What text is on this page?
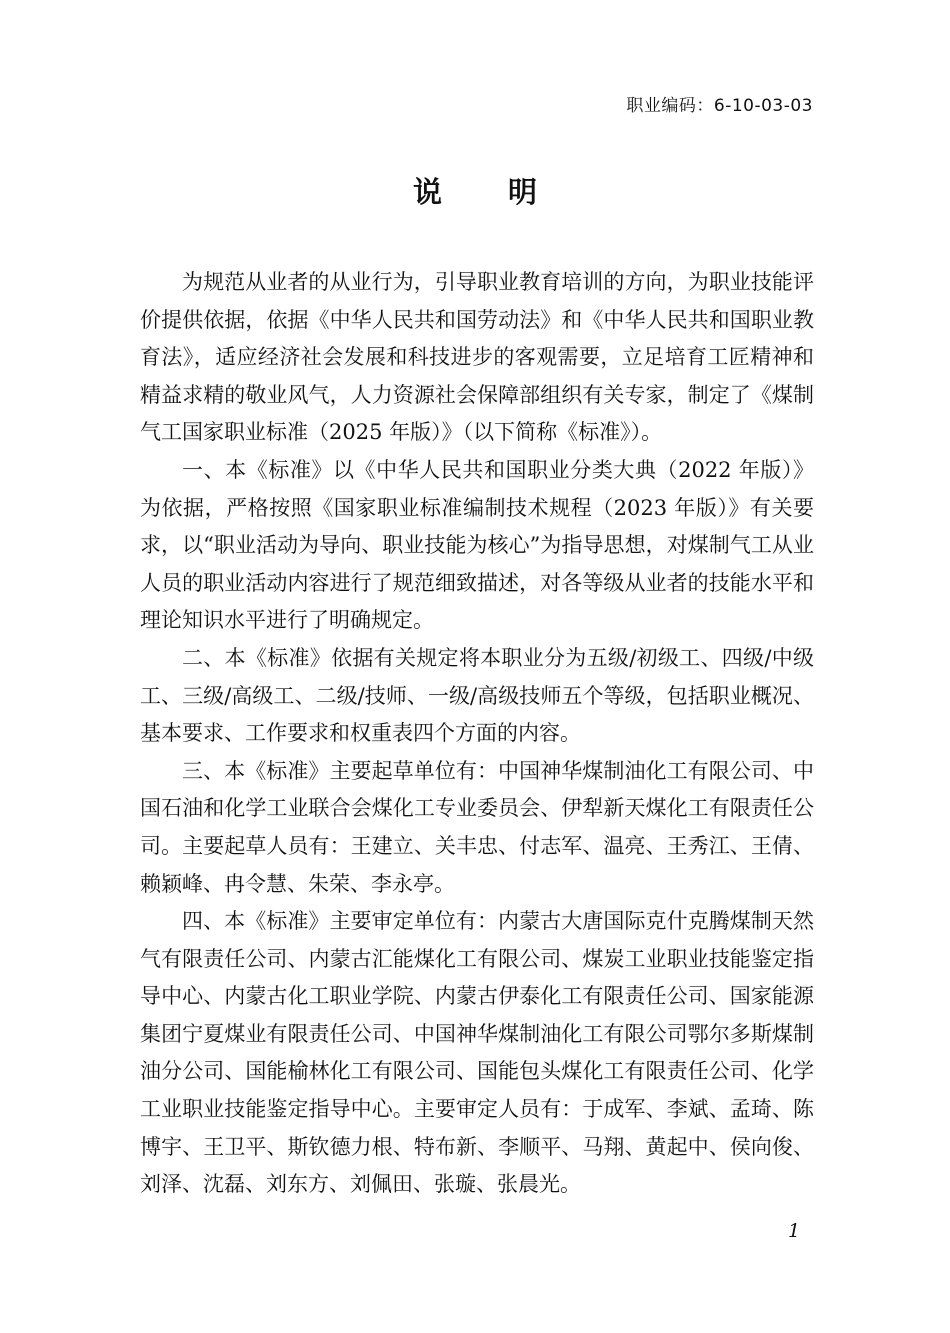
职业编码：6-10-03-03
说明

为规范从业者的从业行为，引导职业教育培训的方向，为职业技能评价提供依据，依据《中华人民共和国劳动法》和《中华人民共和国职业教育法》，适应经济社会发展和科技进步的客观需要，立足培育工匠精神和精益求精的敬业风气，人力资源社会保障部组织有关专家，制定了《煤制气工国家职业标准（2025 年版）》（以下简称《标准》）。

一、本《标准》以《中华人民共和国职业分类大典（2022 年版）》为依据，严格按照《国家职业标准编制技术规程（2023 年版）》有关要求，以“职业活动为导向、职业技能为核心”为指导思想，对煤制气工从业人员的职业活动内容进行了规范细致描述，对各等级从业者的技能水平和理论知识水平进行了明确规定。

二、本《标准》依据有关规定将本职业分为五级/初级工、四级/中级工、三级/高级工、二级/技师、一级/高级技师五个等级，包括职业概况、基本要求、工作要求和权重表四个方面的内容。

三、本《标准》主要起草单位有：中国神华煤制油化工有限公司、中国石油和化学工业联合会煤化工专业委员会、伊犁新天煤化工有限责任公司。主要起草人员有：王建立、关丰忠、付志军、温亮、王秀江、王倩、赖颖峰、冉令慧、朱荣、李永亭。

四、本《标准》主要审定单位有：内蒙古大唐国际克什克腾煤制天然气有限责任公司、内蒙古汇能煤化工有限公司、煤炭工业职业技能鉴定指导中心、内蒙古化工职业学院、内蒙古伊泰化工有限责任公司、国家能源集团宁夏煤业有限责任公司、中国神华煤制油化工有限公司鄂尔多斯煤制油分公司、国能榆林化工有限公司、国能包头煤化工有限责任公司、化学工业职业技能鉴定指导中心。主要审定人员有：于成军、李斌、孟琦、陈博宇、王卫平、斯钦德力根、特布新、李顺平、马翔、黄起中、侯向俊、刘泽、沈磊、刘东方、刘佩田、张璇、张晨光。

1
